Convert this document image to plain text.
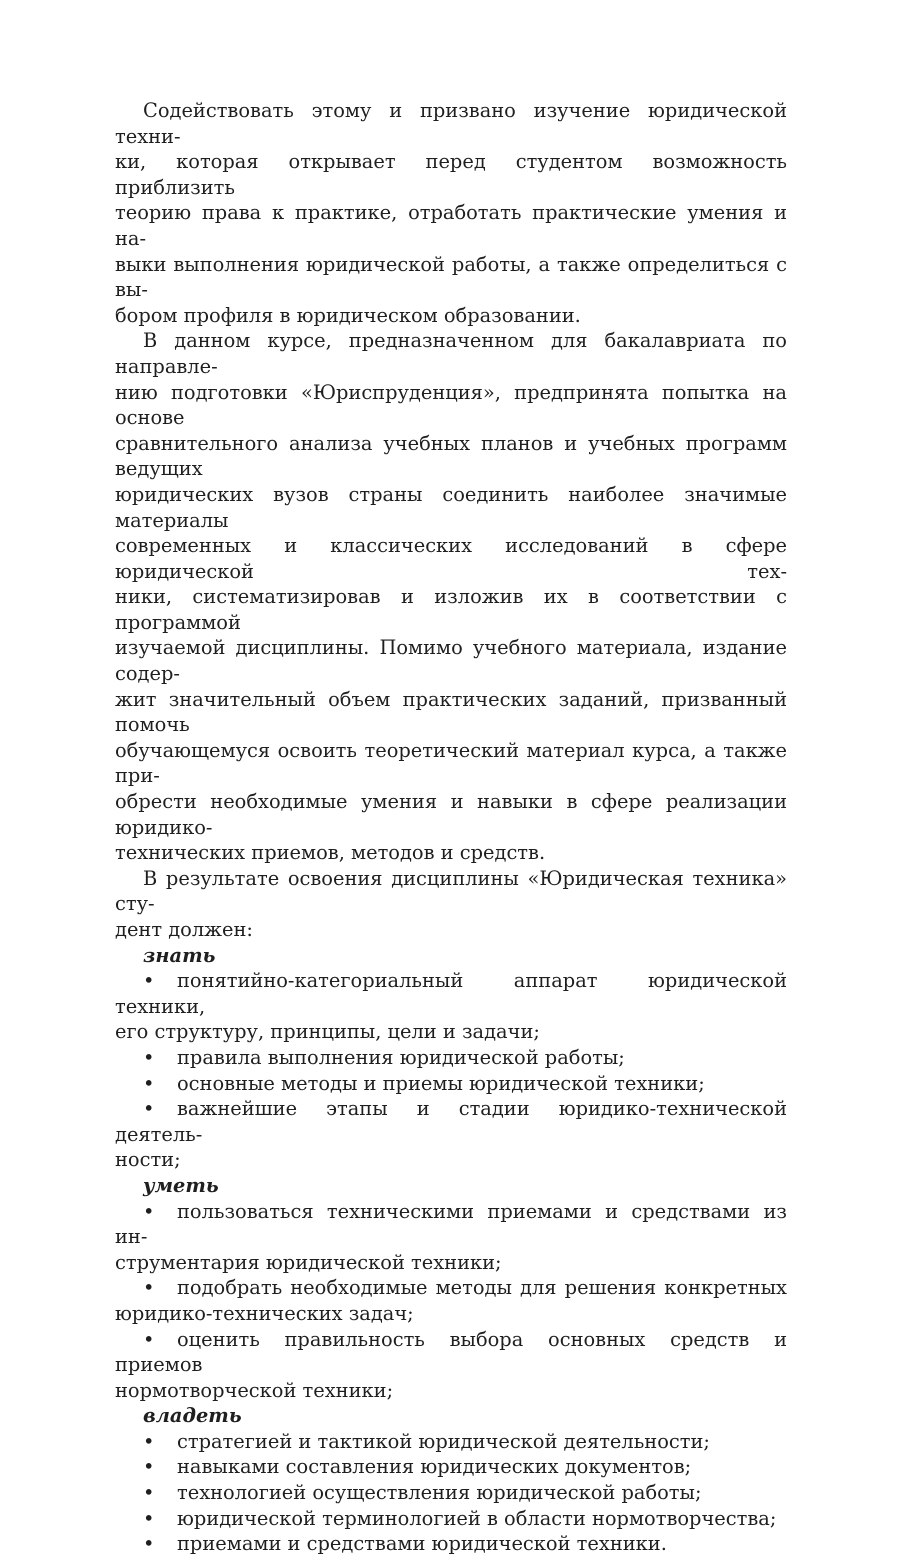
Содействовать этому и призвано изучение юридической техни-
ки, которая открывает перед студентом возможность приблизить
теорию права к практике, отработать практические умения и на-
выки выполнения юридической работы, а также определиться с вы-
бором профиля в юридическом образовании.

В данном курсе, предназначенном для бакалавриата по направле-
нию подготовки «Юриспруденция», предпринята попытка на основе
сравнительного анализа учебных планов и учебных программ ведущих
юридических вузов страны соединить наиболее значимые материалы
современных и классических исследований в сфере юридической тех-
ники, систематизировав и изложив их в соответствии с программой
изучаемой дисциплины. Помимо учебного материала, издание содер-
жит значительный объем практических заданий, призванный помочь
обучающемуся освоить теоретический материал курса, а также при-
обрести необходимые умения и навыки в сфере реализации юридико-
технических приемов, методов и средств.

В результате освоения дисциплины «Юридическая техника» сту-
дент должен:

знать

• понятийно-категориальный аппарат юридической техники,
его структуру, принципы, цели и задачи;

• правила выполнения юридической работы;

• основные методы и приемы юридической техники;

• важнейшие этапы и стадии юридико-технической деятель-
ности;

уметь

• пользоваться техническими приемами и средствами из ин-
струментария юридической техники;

• подобрать необходимые методы для решения конкретных
юридико-технических задач;

• оценить правильность выбора основных средств и приемов
нормотворческой техники;

владеть

• стратегией и тактикой юридической деятельности;

• навыками составления юридических документов;

• технологией осуществления юридической работы;

• юридической терминологией в области нормотворчества;

• приемами и средствами юридической техники.
